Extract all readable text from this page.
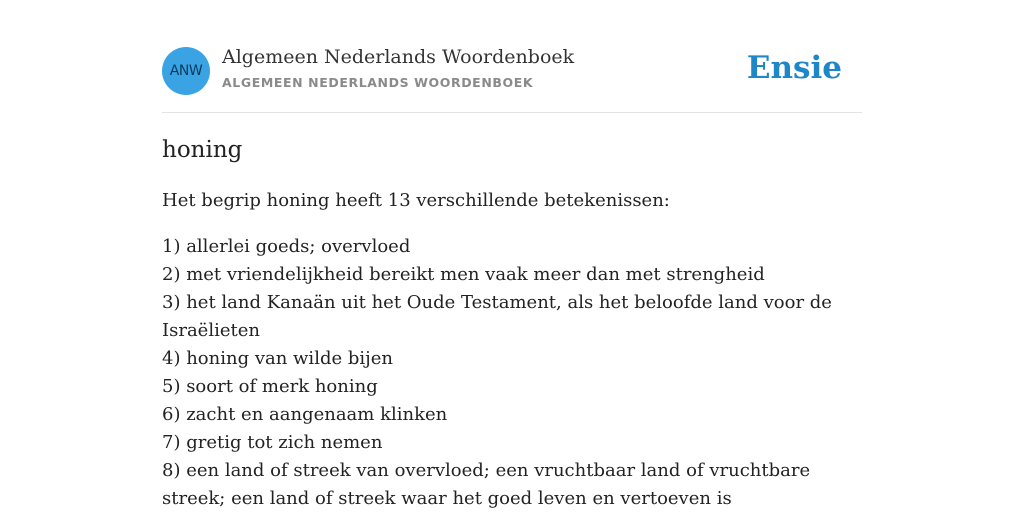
ANW
Algemeen Nederlands Woordenboek
ALGEMEEN NEDERLANDS WOORDENBOEK	Ensie
honing

Het begrip honing heeft 13 verschillende betekenissen:

1) allerlei goeds; overvloed
2) met vriendelijkheid bereikt men vaak meer dan met strengheid
3) het land Kanaän uit het Oude Testament, als het beloofde land voor de Israëlieten
4) honing van wilde bijen
5) soort of merk honing
6) zacht en aangenaam klinken
7) gretig tot zich nemen
8) een land of streek van overvloed; een vruchtbaar land of vruchtbare streek; een land of streek waar het goed leven en vertoeven is
